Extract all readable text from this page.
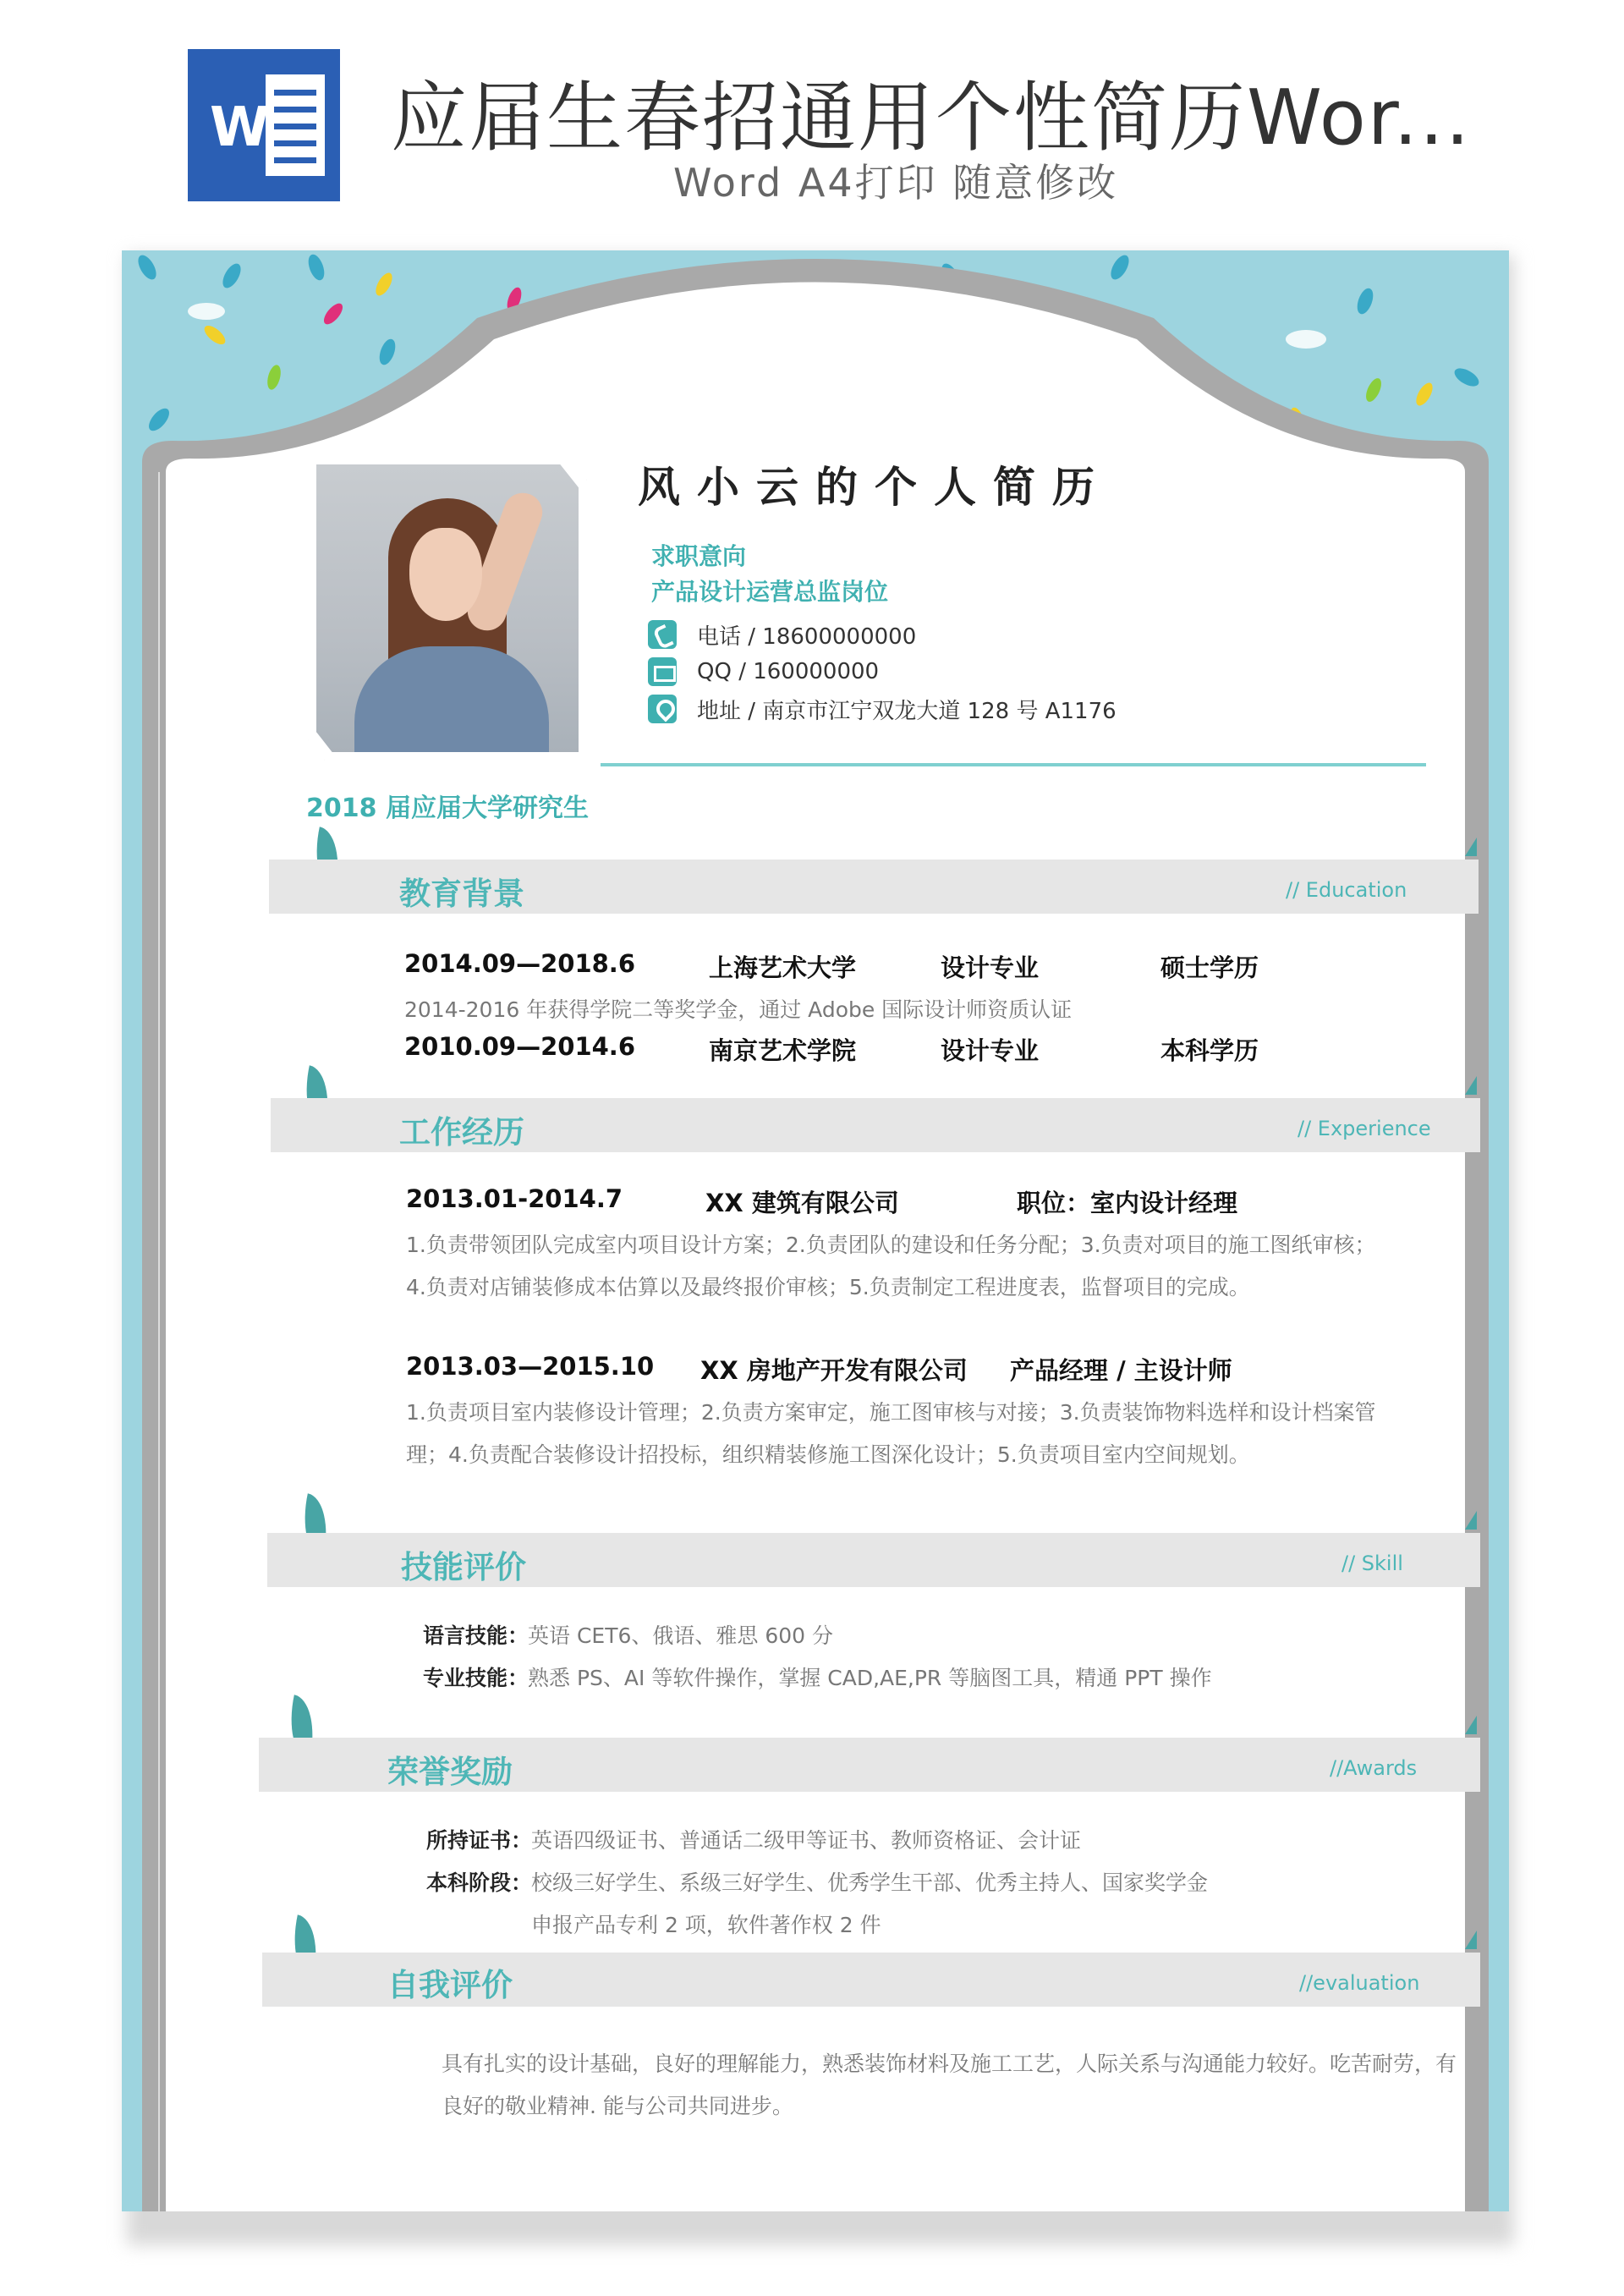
W 应届生春招通用个性简历Wor...
Word A4打印 随意修改
风小云的个人简历
求职意向
产品设计运营总监岗位
电话 / 18600000000
QQ / 160000000
地址 / 南京市江宁双龙大道 128 号 A1176
2018 届应届大学研究生
教育背景	// Education
2014.09—2018.6	上海艺术大学	设计专业	硕士学历
2014-2016 年获得学院二等奖学金，通过 Adobe 国际设计师资质认证
2010.09—2014.6	南京艺术学院	设计专业	本科学历
工作经历	// Experience
2013.01-2014.7	XX 建筑有限公司	职位：室内设计经理
1.负责带领团队完成室内项目设计方案；2.负责团队的建设和任务分配；3.负责对项目的施工图纸审核；
4.负责对店铺装修成本估算以及最终报价审核；5.负责制定工程进度表，监督项目的完成。
2013.03—2015.10 XX 房地产开发有限公司 产品经理 / 主设计师
1.负责项目室内装修设计管理；2.负责方案审定，施工图审核与对接；3.负责装饰物料选样和设计档案管
理；4.负责配合装修设计招投标，组织精装修施工图深化设计；5.负责项目室内空间规划。
技能评价	// Skill
语言技能：
英语 CET6、俄语、雅思 600 分
专业技能：
熟悉 PS、AI 等软件操作，掌握 CAD,AE,PR 等脑图工具，精通 PPT 操作
荣誉奖励	//Awards
所持证书：
英语四级证书、普通话二级甲等证书、教师资格证、会计证
本科阶段：
校级三好学生、系级三好学生、优秀学生干部、优秀主持人、国家奖学金
申报产品专利 2 项，软件著作权 2 件
自我评价	//evaluation
具有扎实的设计基础，良好的理解能力，熟悉装饰材料及施工工艺，人际关系与沟通能力较好。吃苦耐劳，有
良好的敬业精神. 能与公司共同进步。
